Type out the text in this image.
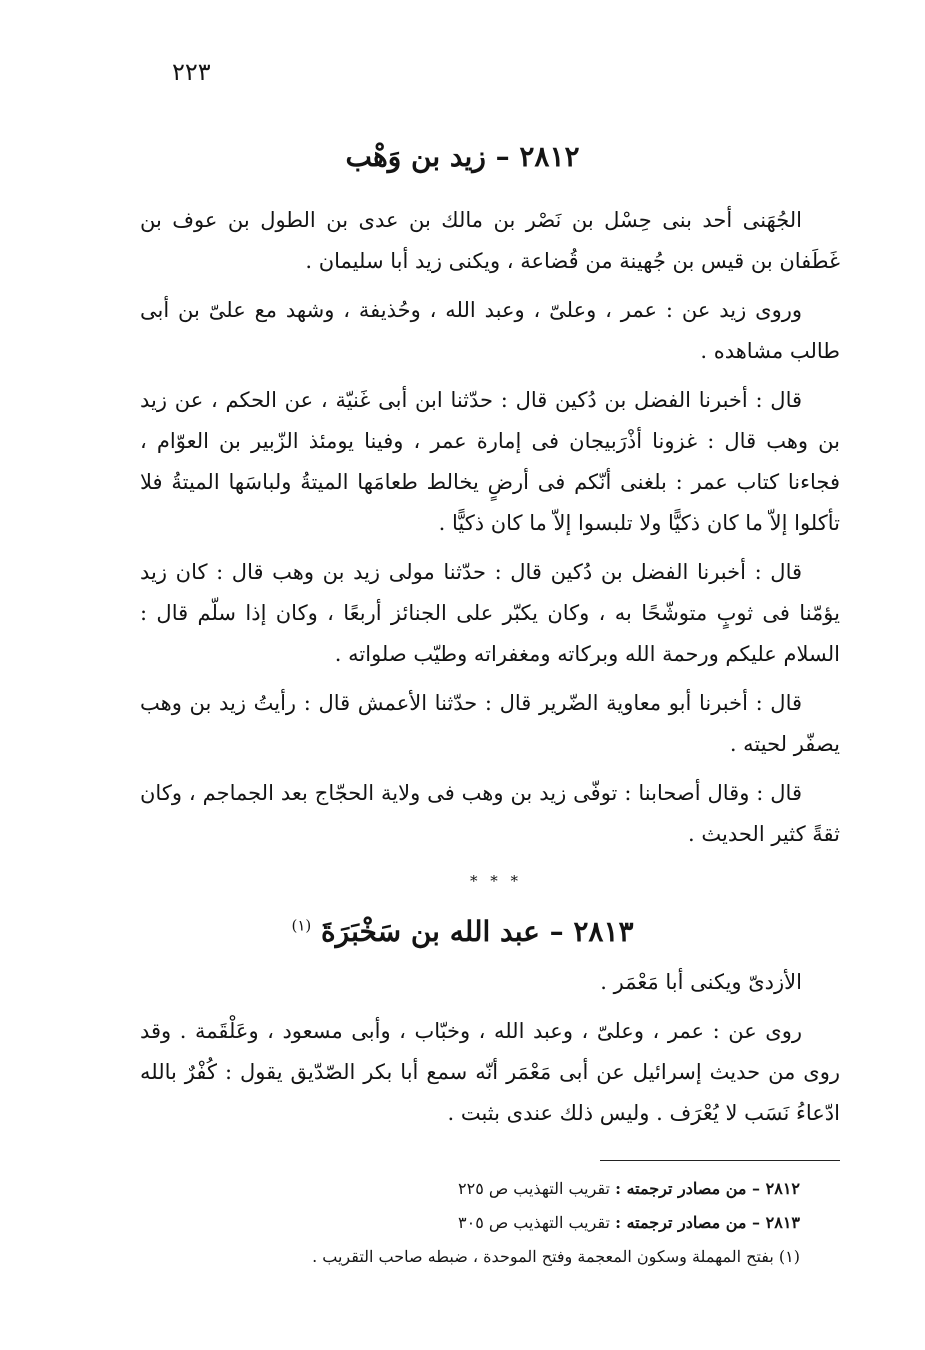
٢٢٣
٢٨١٢ – زيد بن وَهْب

الجُهَنى أحد بنى حِسْل بن نَصْر بن مالك بن عدى بن الطول بن عوف بن غَطَفان بن قيس بن جُهينة من قُضاعة ، ويكنى زيد أبا سليمان .

وروى زيد عن : عمر ، وعلىّ ، وعبد الله ، وحُذيفة ، وشهد مع علىّ بن أبى طالب مشاهده .

قال : أخبرنا الفضل بن دُكين قال : حدّثنا ابن أبى غَنيّة ، عن الحكم ، عن زيد بن وهب قال : غزونا أذْرَبيجان فى إمارة عمر ، وفينا يومئذ الزّبير بن العوّام ، فجاءنا كتاب عمر : بلغنى أنّكم فى أرضٍ يخالط طعامَها الميتةُ ولباسَها الميتةُ فلا تأكلوا إلاّ ما كان ذكيًّا ولا تلبسوا إلاّ ما كان ذكيًّا .

قال : أخبرنا الفضل بن دُكين قال : حدّثنا مولى زيد بن وهب قال : كان زيد يؤمّنا فى ثوبٍ متوشّحًا به ، وكان يكبّر على الجنائز أربعًا ، وكان إذا سلّم قال : السلام عليكم ورحمة الله وبركاته ومغفراته وطيّب صلواته .

قال : أخبرنا أبو معاوية الضّرير قال : حدّثنا الأعمش قال : رأيتُ زيد بن وهب يصفّر لحيته .

قال : وقال أصحابنا : توفّى زيد بن وهب فى ولاية الحجّاج بعد الجماجم ، وكان ثقةً كثير الحديث .

* * *
٢٨١٣ – عبد الله بن سَخْبَرَةَ $^{(١)}$

الأزدىّ ويكنى أبا مَعْمَر .

روى عن : عمر ، وعلىّ ، وعبد الله ، وخبّاب ، وأبى مسعود ، وعَلْقَمة . وقد روى من حديث إسرائيل عن أبى مَعْمَر أنّه سمع أبا بكر الصّدّيق يقول : كُفْرٌ بالله ادّعاءُ نَسَب لا يُعْرَف . وليس ذلك عندى بثبت .

٢٨١٢ – من مصادر ترجمته : تقريب التهذيب ص ٢٢٥
٢٨١٣ – من مصادر ترجمته : تقريب التهذيب ص ٣٠٥
(١) بفتح المهملة وسكون المعجمة وفتح الموحدة ، ضبطه صاحب التقريب .
